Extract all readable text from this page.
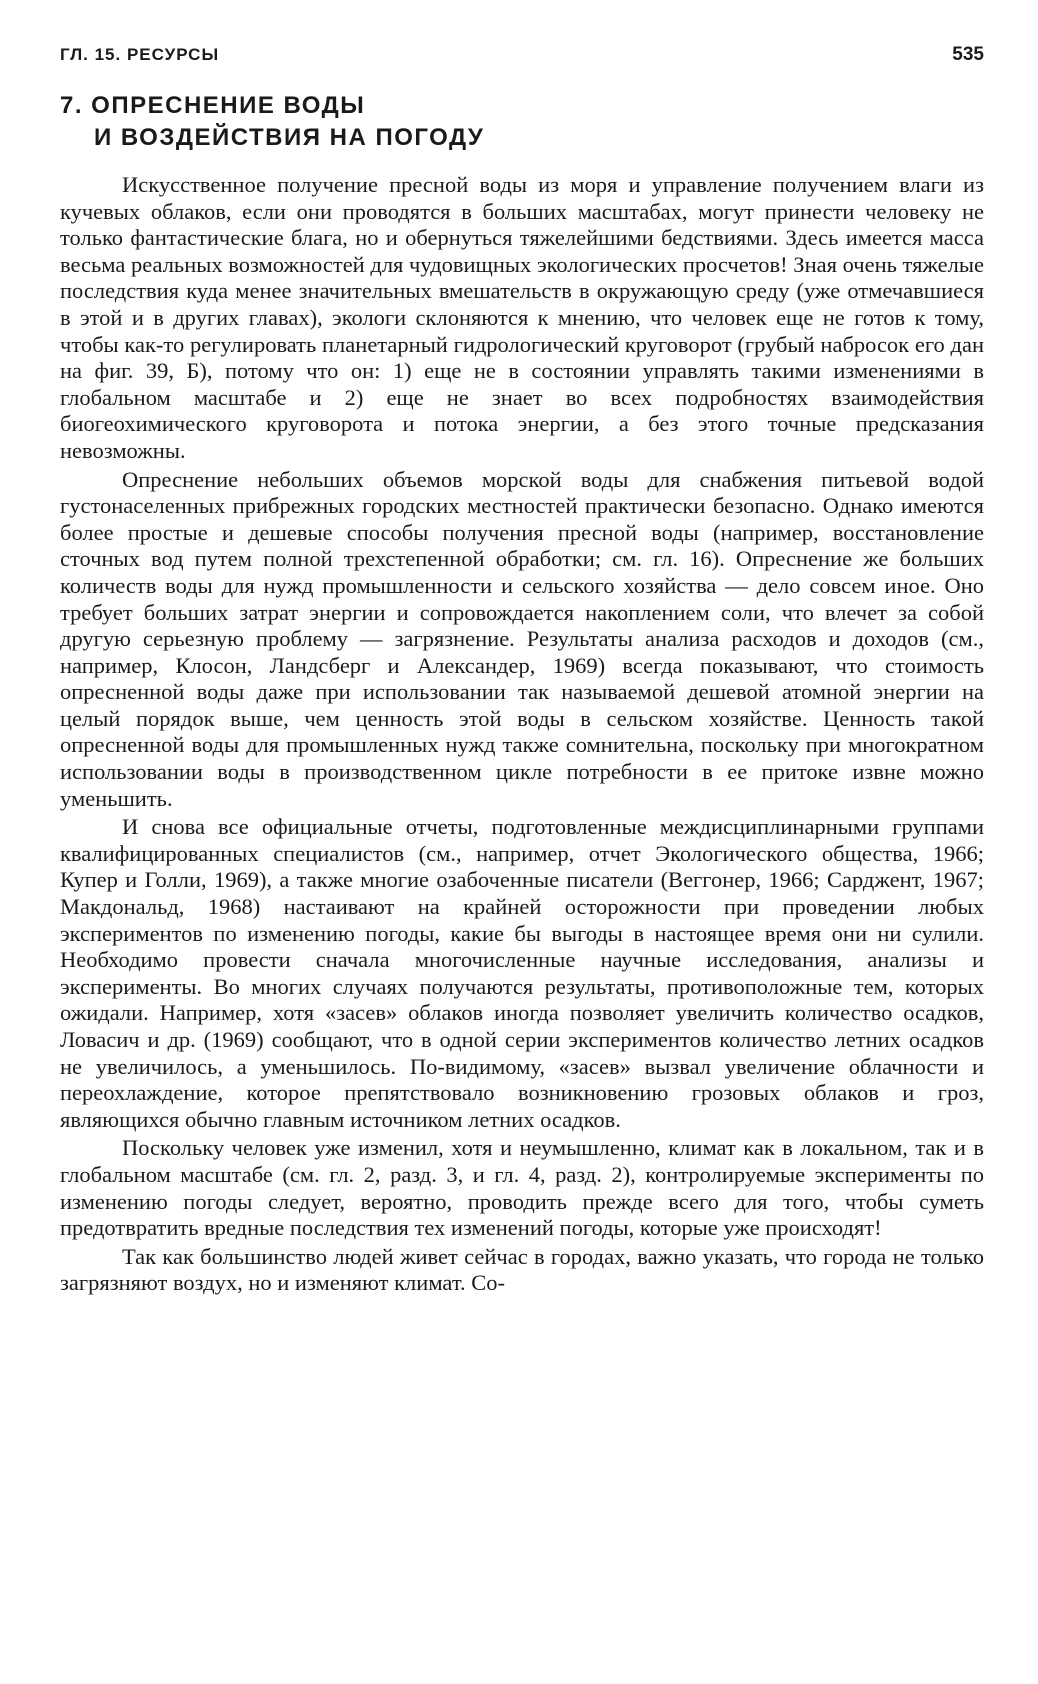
ГЛ. 15. РЕСУРСЫ	535
7. ОПРЕСНЕНИЕ ВОДЫ
И ВОЗДЕЙСТВИЯ НА ПОГОДУ

Искусственное получение пресной воды из моря и управление получением влаги из кучевых облаков, если они проводятся в больших масштабах, могут принести человеку не только фантастические блага, но и обернуться тяжелейшими бедствиями. Здесь имеется масса весьма реальных возможностей для чудовищных экологических просчетов! Зная очень тяжелые последствия куда менее значительных вмешательств в окружающую среду (уже отмечавшиеся в этой и в других главах), экологи склоняются к мнению, что человек еще не готов к тому, чтобы как-то регулировать планетарный гидрологический круговорот (грубый набросок его дан на фиг. 39, Б), потому что он: 1) еще не в состоянии управлять такими изменениями в глобальном масштабе и 2) еще не знает во всех подробностях взаимодействия биогеохимического круговорота и потока энергии, а без этого точные предсказания невозможны.

Опреснение небольших объемов морской воды для снабжения питьевой водой густонаселенных прибрежных городских местностей практически безопасно. Однако имеются более простые и дешевые способы получения пресной воды (например, восстановление сточных вод путем полной трехстепенной обработки; см. гл. 16). Опреснение же больших количеств воды для нужд промышленности и сельского хозяйства — дело совсем иное. Оно требует больших затрат энергии и сопровождается накоплением соли, что влечет за собой другую серьезную проблему — загрязнение. Результаты анализа расходов и доходов (см., например, Клосон, Ландсберг и Александер, 1969) всегда показывают, что стоимость опресненной воды даже при использовании так называемой дешевой атомной энергии на целый порядок выше, чем ценность этой воды в сельском хозяйстве. Ценность такой опресненной воды для промышленных нужд также сомнительна, поскольку при многократном использовании воды в производственном цикле потребности в ее притоке извне можно уменьшить.

И снова все официальные отчеты, подготовленные междисциплинарными группами квалифицированных специалистов (см., например, отчет Экологического общества, 1966; Купер и Голли, 1969), а также многие озабоченные писатели (Веггонер, 1966; Сарджент, 1967; Макдональд, 1968) настаивают на крайней осторожности при проведении любых экспериментов по изменению погоды, какие бы выгоды в настоящее время они ни сулили. Необходимо провести сначала многочисленные научные исследования, анализы и эксперименты. Во многих случаях получаются результаты, противоположные тем, которых ожидали. Например, хотя «засев» облаков иногда позволяет увеличить количество осадков, Ловасич и др. (1969) сообщают, что в одной серии экспериментов количество летних осадков не увеличилось, а уменьшилось. По-видимому, «засев» вызвал увеличение облачности и переохлаждение, которое препятствовало возникновению грозовых облаков и гроз, являющихся обычно главным источником летних осадков.

Поскольку человек уже изменил, хотя и неумышленно, климат как в локальном, так и в глобальном масштабе (см. гл. 2, разд. 3, и гл. 4, разд. 2), контролируемые эксперименты по изменению погоды следует, вероятно, проводить прежде всего для того, чтобы суметь предотвратить вредные последствия тех изменений погоды, которые уже происходят!

Так как большинство людей живет сейчас в городах, важно указать, что города не только загрязняют воздух, но и изменяют климат. Со-
